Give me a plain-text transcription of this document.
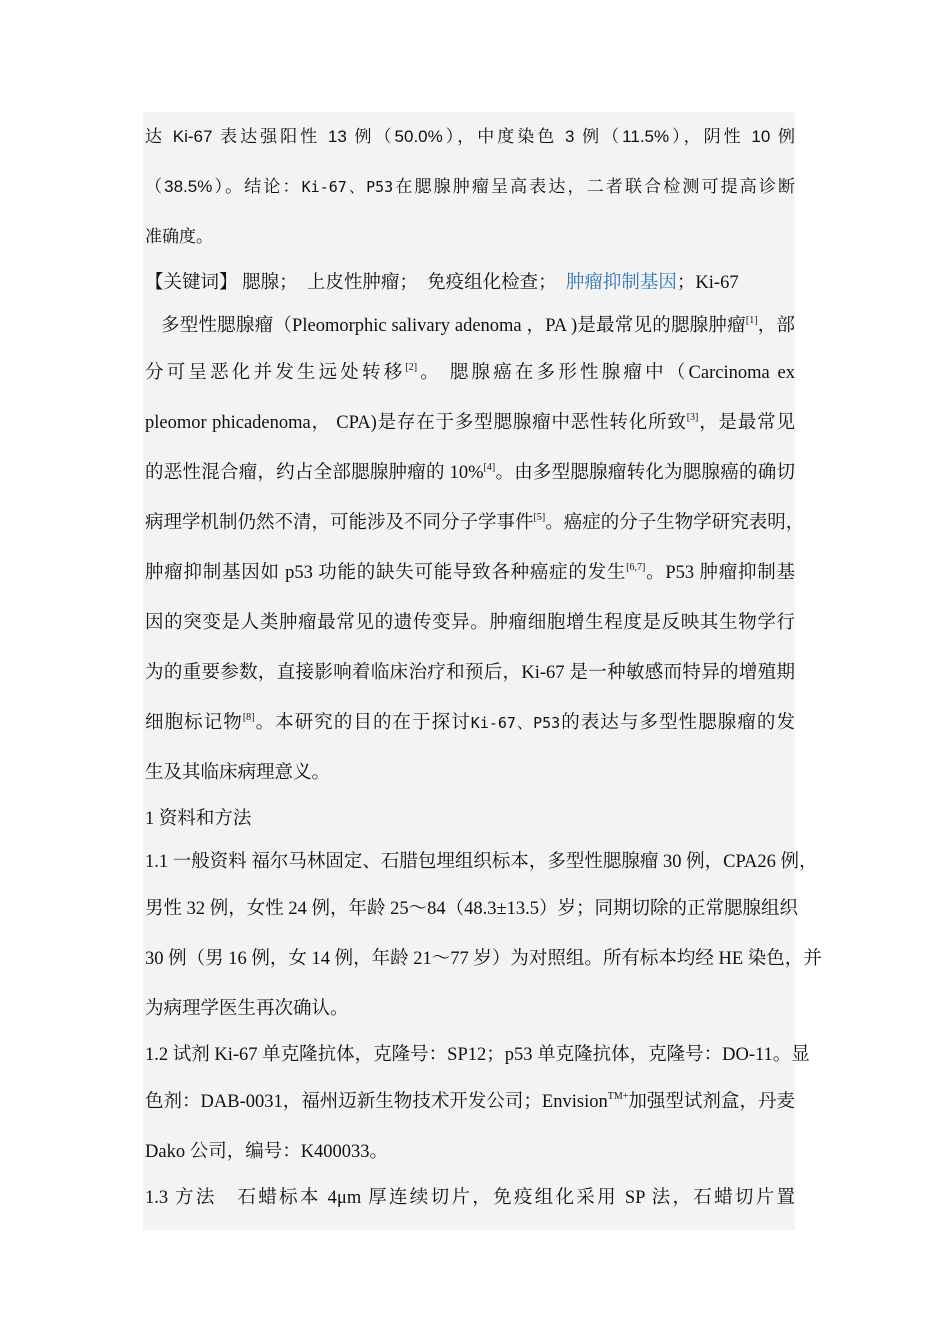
达 Ki-67 表达强阳性 13 例（50.0%），中度染色 3 例（11.5%），阴性 10 例
（38.5%）。结论：Ki-67、P53在腮腺肿瘤呈高表达，二者联合检测可提高诊断
准确度。
【关键词】 腮腺；　上皮性肿瘤；　免疫组化检查；　肿瘤抑制基因；Ki-67
多型性腮腺瘤（Pleomorphic salivary adenoma ，PA )是最常见的腮腺肿瘤[1]，部
分可呈恶化并发生远处转移[2]。 腮腺癌在多形性腺瘤中（Carcinoma ex
pleomor phicadenoma， CPA)是存在于多型腮腺瘤中恶性转化所致[3]，是最常见
的恶性混合瘤，约占全部腮腺肿瘤的 10%[4]。由多型腮腺瘤转化为腮腺癌的确切
病理学机制仍然不清，可能涉及不同分子学事件[5]。癌症的分子生物学研究表明，
肿瘤抑制基因如 p53 功能的缺失可能导致各种癌症的发生[6,7]。P53 肿瘤抑制基
因的突变是人类肿瘤最常见的遗传变异。肿瘤细胞增生程度是反映其生物学行
为的重要参数，直接影响着临床治疗和预后，Ki-67 是一种敏感而特异的增殖期
细胞标记物[8]。本研究的目的在于探讨Ki-67、P53的表达与多型性腮腺瘤的发
生及其临床病理意义。
1 资料和方法
1.1 一般资料 福尔马林固定、石腊包埋组织标本，多型性腮腺瘤 30 例，CPA26 例，
男性 32 例，女性 24 例，年龄 25～84（48.3±13.5）岁；同期切除的正常腮腺组织
30 例（男 16 例，女 14 例，年龄 21～77 岁）为对照组。所有标本均经 HE 染色，并
为病理学医生再次确认。
1.2 试剂 Ki-67 单克隆抗体，克隆号：SP12；p53 单克隆抗体，克隆号：DO-11。显
色剂：DAB-0031，福州迈新生物技术开发公司；Envision$^{TM+}$加强型试剂盒，丹麦
Dako 公司，编号：K400033。
1.3 方法　石蜡标本 4μm 厚连续切片，免疫组化采用 SP 法，石蜡切片置
